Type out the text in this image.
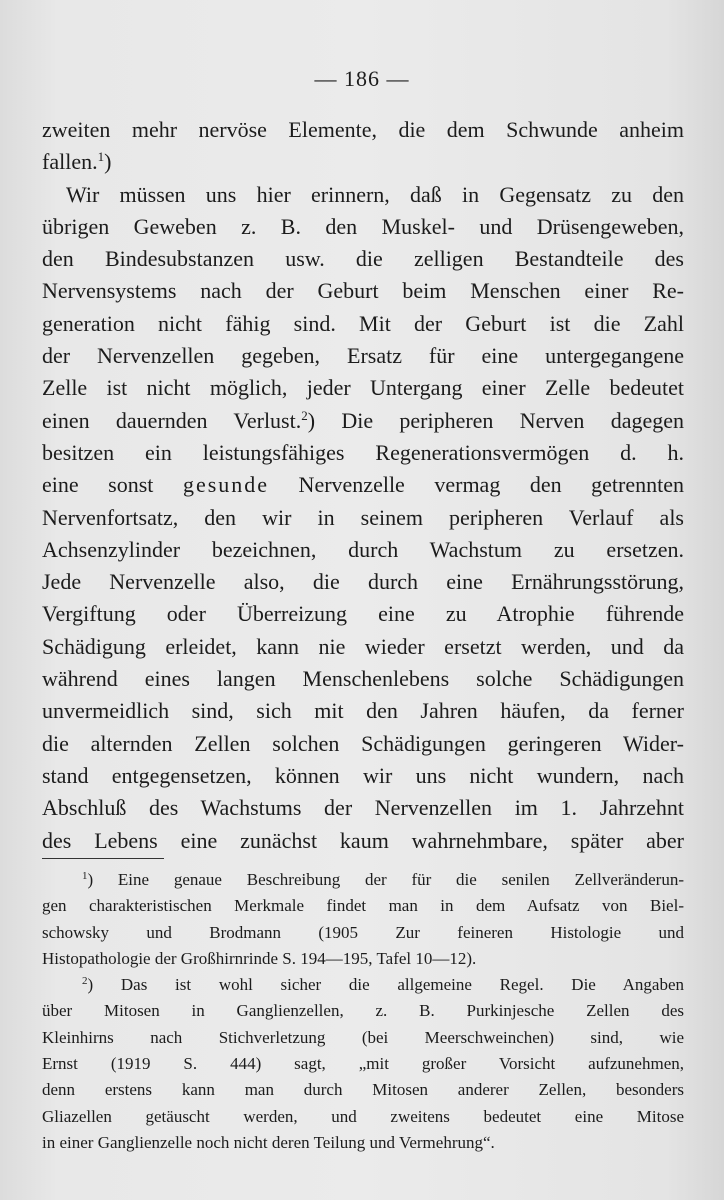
— 186 —
zweiten mehr nervöse Elemente, die dem Schwunde anheim
fallen.$^1$)
Wir müssen uns hier erinnern, daß in Gegensatz zu den
übrigen Geweben z. B. den Muskel- und Drüsengeweben,
den Bindesubstanzen usw. die zelligen Bestandteile des
Nervensystems nach der Geburt beim Menschen einer Re-
generation nicht fähig sind. Mit der Geburt ist die Zahl
der Nervenzellen gegeben, Ersatz für eine untergegangene
Zelle ist nicht möglich, jeder Untergang einer Zelle bedeutet
einen dauernden Verlust.$^2$) Die peripheren Nerven dagegen
besitzen ein leistungsfähiges Regenerationsvermögen d. h.
eine sonst gesunde Nervenzelle vermag den getrennten
Nervenfortsatz, den wir in seinem peripheren Verlauf als
Achsenzylinder bezeichnen, durch Wachstum zu ersetzen.
Jede Nervenzelle also, die durch eine Ernährungsstörung,
Vergiftung oder Überreizung eine zu Atrophie führende
Schädigung erleidet, kann nie wieder ersetzt werden, und da
während eines langen Menschenlebens solche Schädigungen
unvermeidlich sind, sich mit den Jahren häufen, da ferner
die alternden Zellen solchen Schädigungen geringeren Wider-
stand entgegensetzen, können wir uns nicht wundern, nach
Abschluß des Wachstums der Nervenzellen im 1. Jahrzehnt
des Lebens eine zunächst kaum wahrnehmbare, später aber
$^1$) Eine genaue Beschreibung der für die senilen Zellveränderun-
gen charakteristischen Merkmale findet man in dem Aufsatz von Biel-
schowsky und Brodmann (1905 Zur feineren Histologie und
Histopathologie der Großhirnrinde S. 194—195, Tafel 10—12).
$^2$) Das ist wohl sicher die allgemeine Regel. Die Angaben
über Mitosen in Ganglienzellen, z. B. Purkinjesche Zellen des
Kleinhirns nach Stichverletzung (bei Meerschweinchen) sind, wie
Ernst (1919 S. 444) sagt, „mit großer Vorsicht aufzunehmen,
denn erstens kann man durch Mitosen anderer Zellen, besonders
Gliazellen getäuscht werden, und zweitens bedeutet eine Mitose
in einer Ganglienzelle noch nicht deren Teilung und Vermehrung“.
